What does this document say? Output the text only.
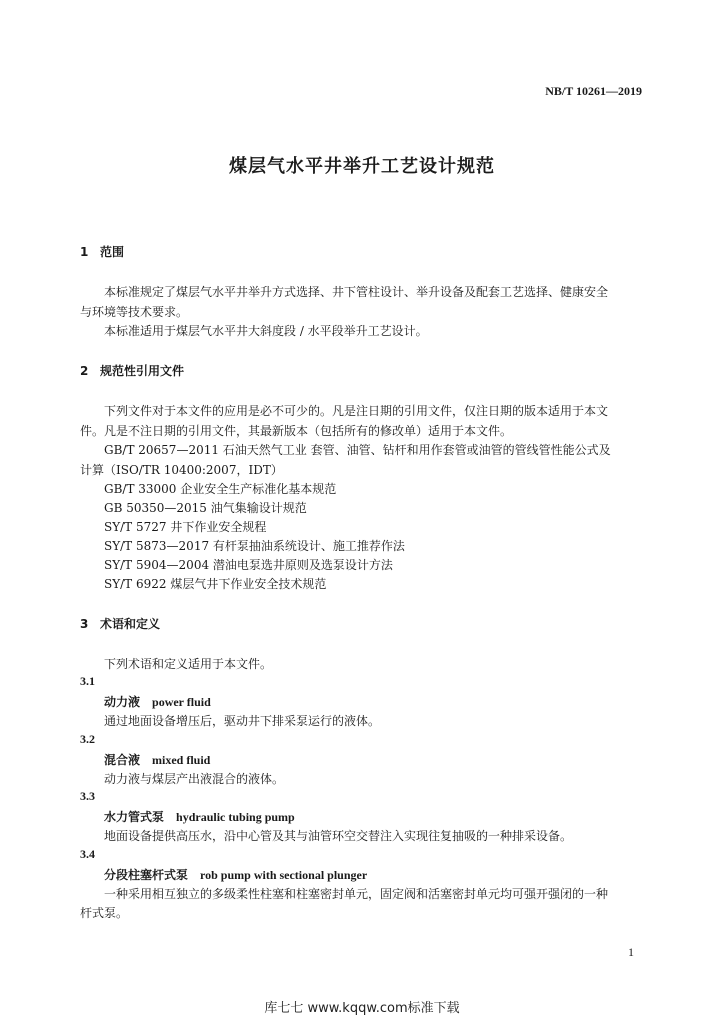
NB/T 10261—2019
煤层气水平井举升工艺设计规范
1 范围
本标准规定了煤层气水平井举升方式选择、井下管柱设计、举升设备及配套工艺选择、健康安全
与环境等技术要求。
本标准适用于煤层气水平井大斜度段 / 水平段举升工艺设计。
2 规范性引用文件
下列文件对于本文件的应用是必不可少的。凡是注日期的引用文件，仅注日期的版本适用于本文
件。凡是不注日期的引用文件，其最新版本（包括所有的修改单）适用于本文件。
GB/T 20657—2011 石油天然气工业 套管、油管、钻杆和用作套管或油管的管线管性能公式及
计算（ISO/TR 10400:2007，IDT）
GB/T 33000 企业安全生产标准化基本规范
GB 50350—2015 油气集输设计规范
SY/T 5727 井下作业安全规程
SY/T 5873—2017 有杆泵抽油系统设计、施工推荐作法
SY/T 5904—2004 潜油电泵选井原则及选泵设计方法
SY/T 6922 煤层气井下作业安全技术规范
3 术语和定义
下列术语和定义适用于本文件。
3.1
动力液 power fluid
通过地面设备增压后，驱动井下排采泵运行的液体。
3.2
混合液 mixed fluid
动力液与煤层产出液混合的液体。
3.3
水力管式泵 hydraulic tubing pump
地面设备提供高压水，沿中心管及其与油管环空交替注入实现往复抽吸的一种排采设备。
3.4
分段柱塞杆式泵 rob pump with sectional plunger
一种采用相互独立的多级柔性柱塞和柱塞密封单元，固定阀和活塞密封单元均可强开强闭的一种
杆式泵。
1
库七七 www.kqqw.com标准下载
